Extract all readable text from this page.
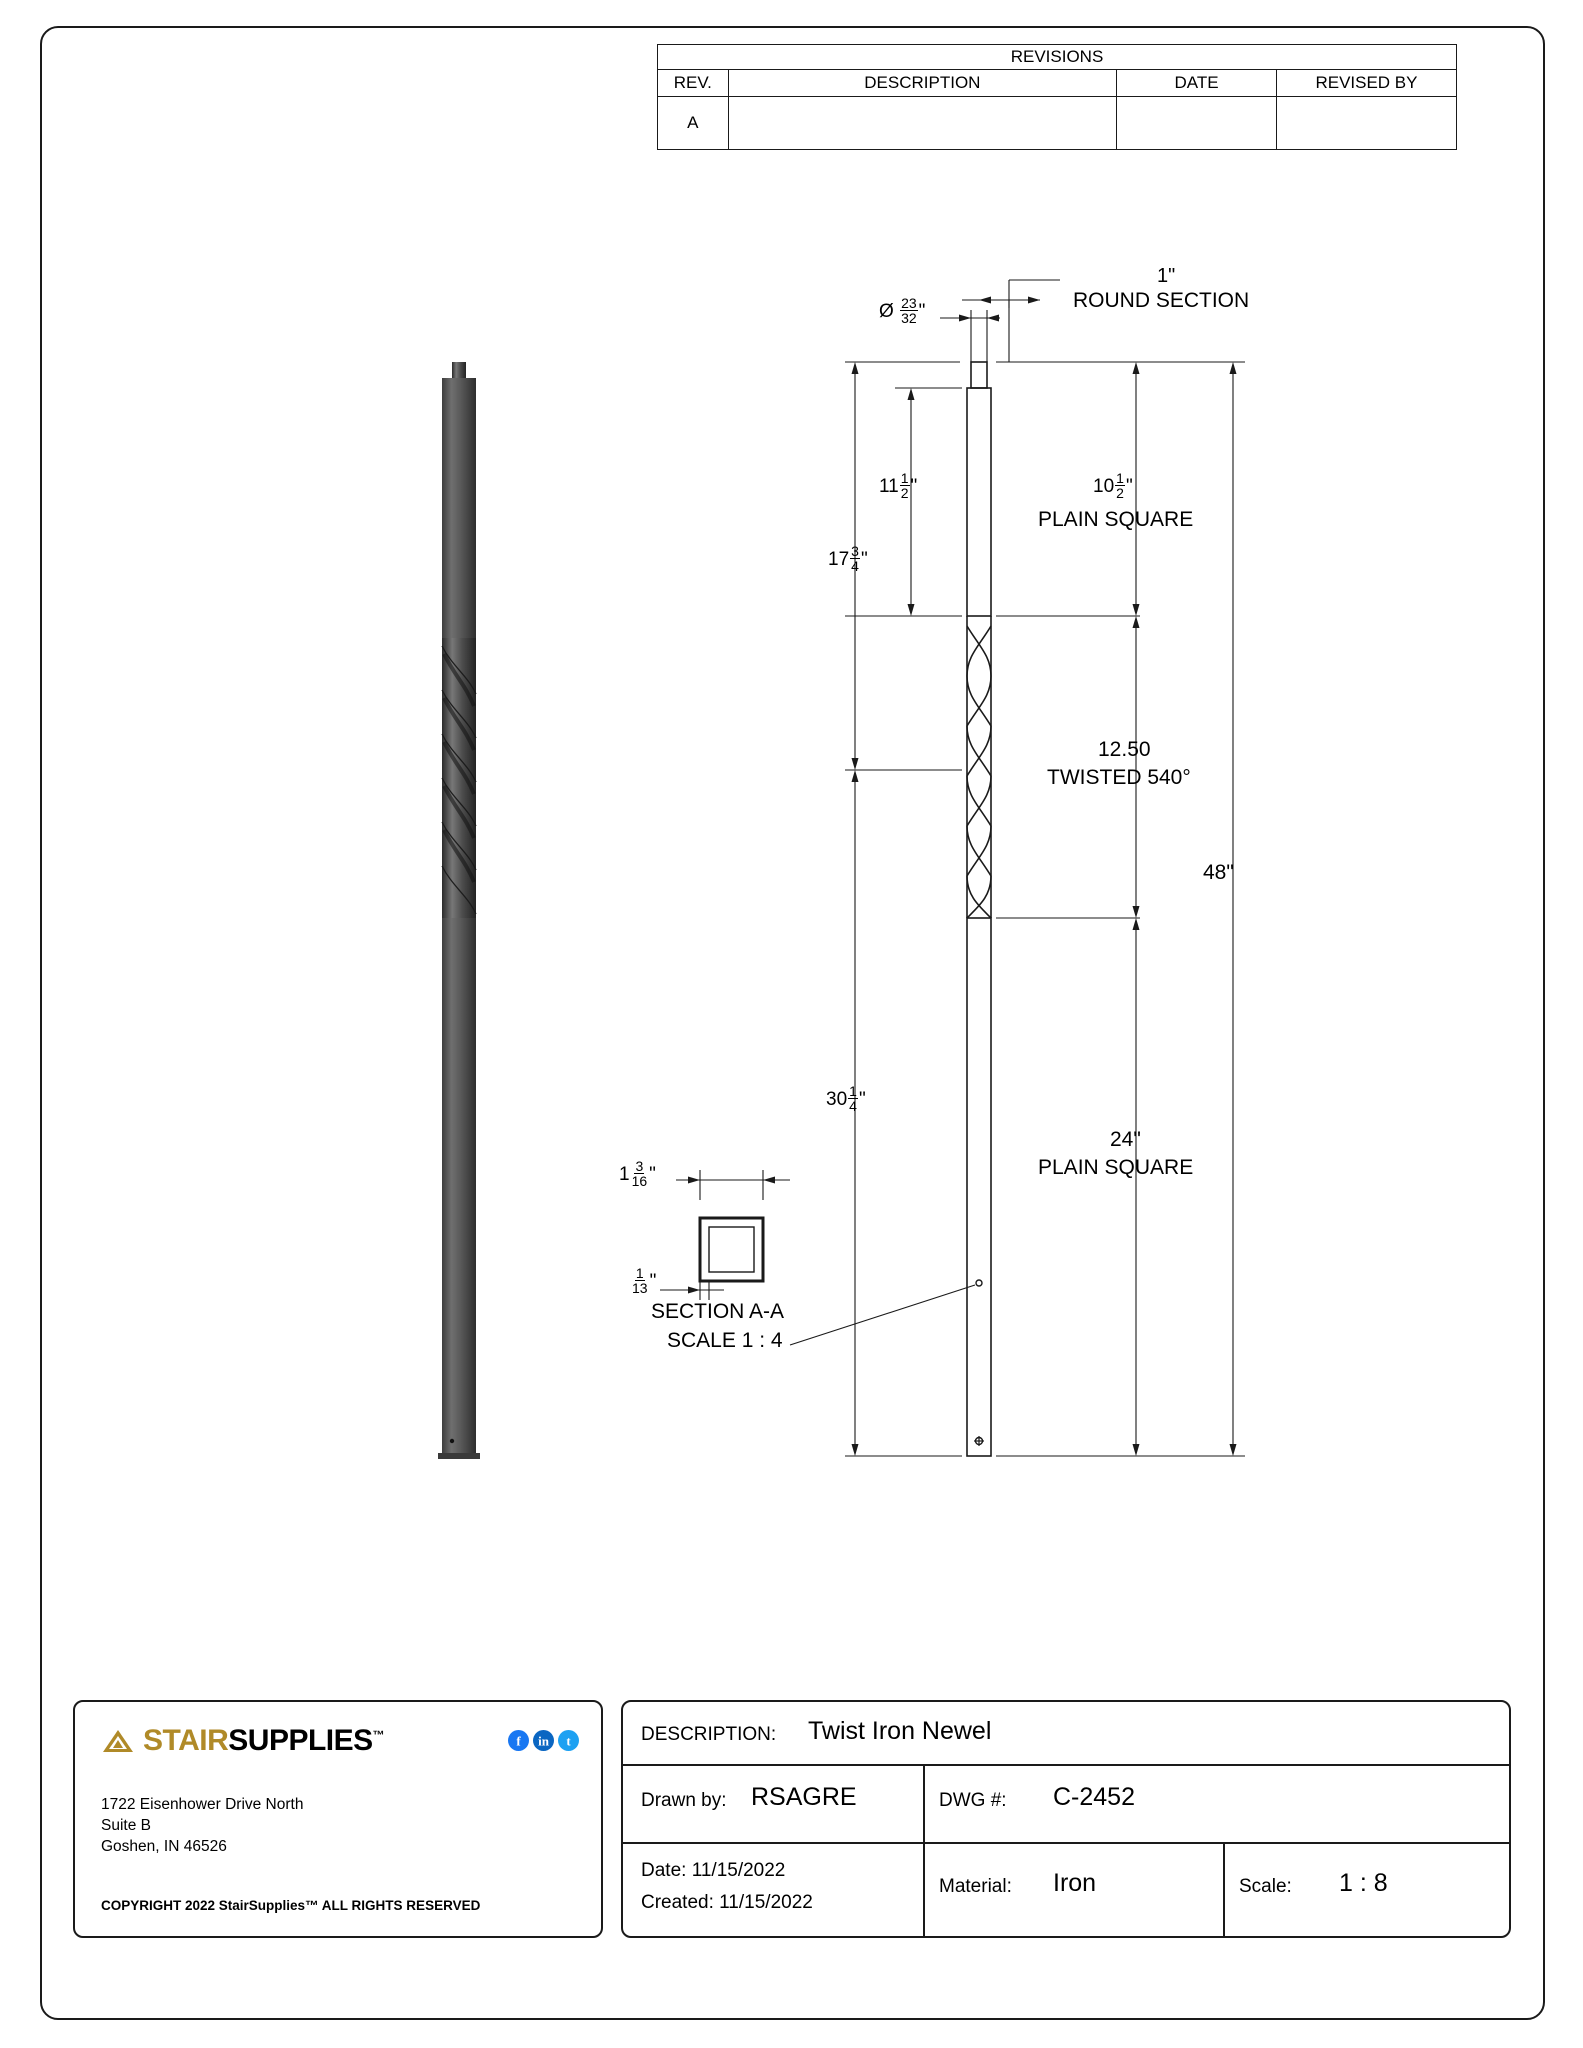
REVISIONS			
REV.	DESCRIPTION	DATE	REVISED BY
A			
Ø $\frac{23}{32}$ "
1"
ROUND SECTION
$11 \frac{1}{2}$ "
$17 \frac{3}{4}$ "
$10 \frac{1}{2}$ "
PLAIN SQUARE
12.50
TWISTED 540°
48"
$30 \frac{1}{4}$ "
24"
PLAIN SQUARE
$1 \frac{3}{16}$ "
$\frac{1}{13}$ "
SECTION A-A
SCALE 1 : 4
STAIRSUPPLIES™	f	in	t
1722 Eisenhower Drive North
Suite B
Goshen, IN 46526
COPYRIGHT 2022 StairSupplies™ ALL RIGHTS RESERVED
DESCRIPTION: Twist Iron Newel
Drawn by: RSAGRE	DWG #: C-2452
Date: 11/15/2022
Created: 11/15/2022
Material: Iron	Scale: 1 : 8
